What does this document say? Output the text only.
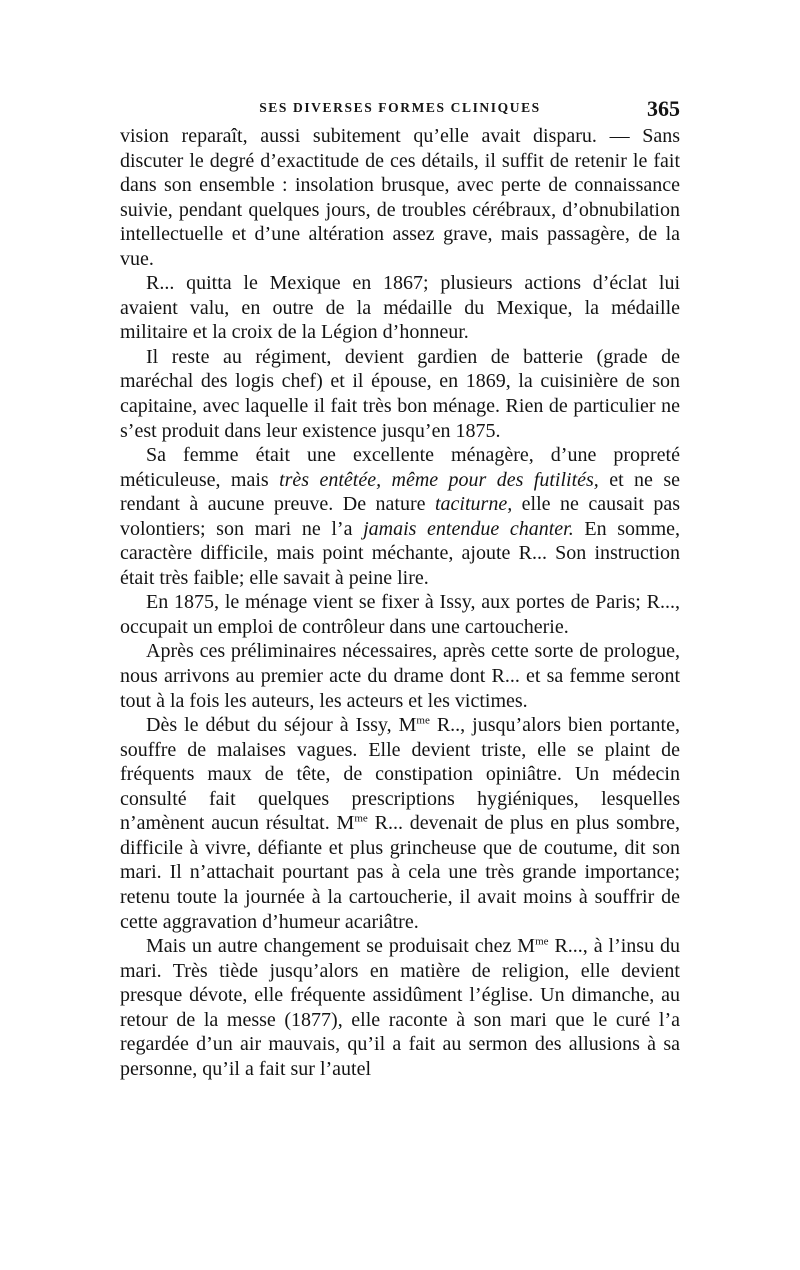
SES DIVERSES FORMES CLINIQUES	365

vision reparaît, aussi subitement qu’elle avait disparu. — Sans discuter le degré d’exactitude de ces détails, il suffit de retenir le fait dans son ensemble : insolation brusque, avec perte de connaissance suivie, pendant quelques jours, de troubles cérébraux, d’obnubilation intellectuelle et d’une altération assez grave, mais passagère, de la vue.

R... quitta le Mexique en 1867; plusieurs actions d’éclat lui avaient valu, en outre de la médaille du Mexique, la médaille militaire et la croix de la Légion d’honneur.

Il reste au régiment, devient gardien de batterie (grade de maréchal des logis chef) et il épouse, en 1869, la cuisinière de son capitaine, avec laquelle il fait très bon ménage. Rien de particulier ne s’est produit dans leur existence jusqu’en 1875.

Sa femme était une excellente ménagère, d’une propreté méticuleuse, mais très entêtée, même pour des futilités, et ne se rendant à aucune preuve. De nature taciturne, elle ne causait pas volontiers; son mari ne l’a jamais entendue chanter. En somme, caractère difficile, mais point méchante, ajoute R... Son instruction était très faible; elle savait à peine lire.

En 1875, le ménage vient se fixer à Issy, aux portes de Paris; R..., occupait un emploi de contrôleur dans une cartoucherie.

Après ces préliminaires nécessaires, après cette sorte de prologue, nous arrivons au premier acte du drame dont R... et sa femme seront tout à la fois les auteurs, les acteurs et les victimes.

Dès le début du séjour à Issy, $M^{me}$ R.., jusqu’alors bien portante, souffre de malaises vagues. Elle devient triste, elle se plaint de fréquents maux de tête, de constipation opiniâtre. Un médecin consulté fait quelques prescriptions hygiéniques, lesquelles n’amènent aucun résultat. $M^{me}$ R... devenait de plus en plus sombre, difficile à vivre, défiante et plus grincheuse que de coutume, dit son mari. Il n’attachait pourtant pas à cela une très grande importance; retenu toute la journée à la cartoucherie, il avait moins à souffrir de cette aggravation d’humeur acariâtre.

Mais un autre changement se produisait chez $M^{me}$ R..., à l’insu du mari. Très tiède jusqu’alors en matière de religion, elle devient presque dévote, elle fréquente assidûment l’église. Un dimanche, au retour de la messe (1877), elle raconte à son mari que le curé l’a regardée d’un air mauvais, qu’il a fait au sermon des allusions à sa personne, qu’il a fait sur l’autel
